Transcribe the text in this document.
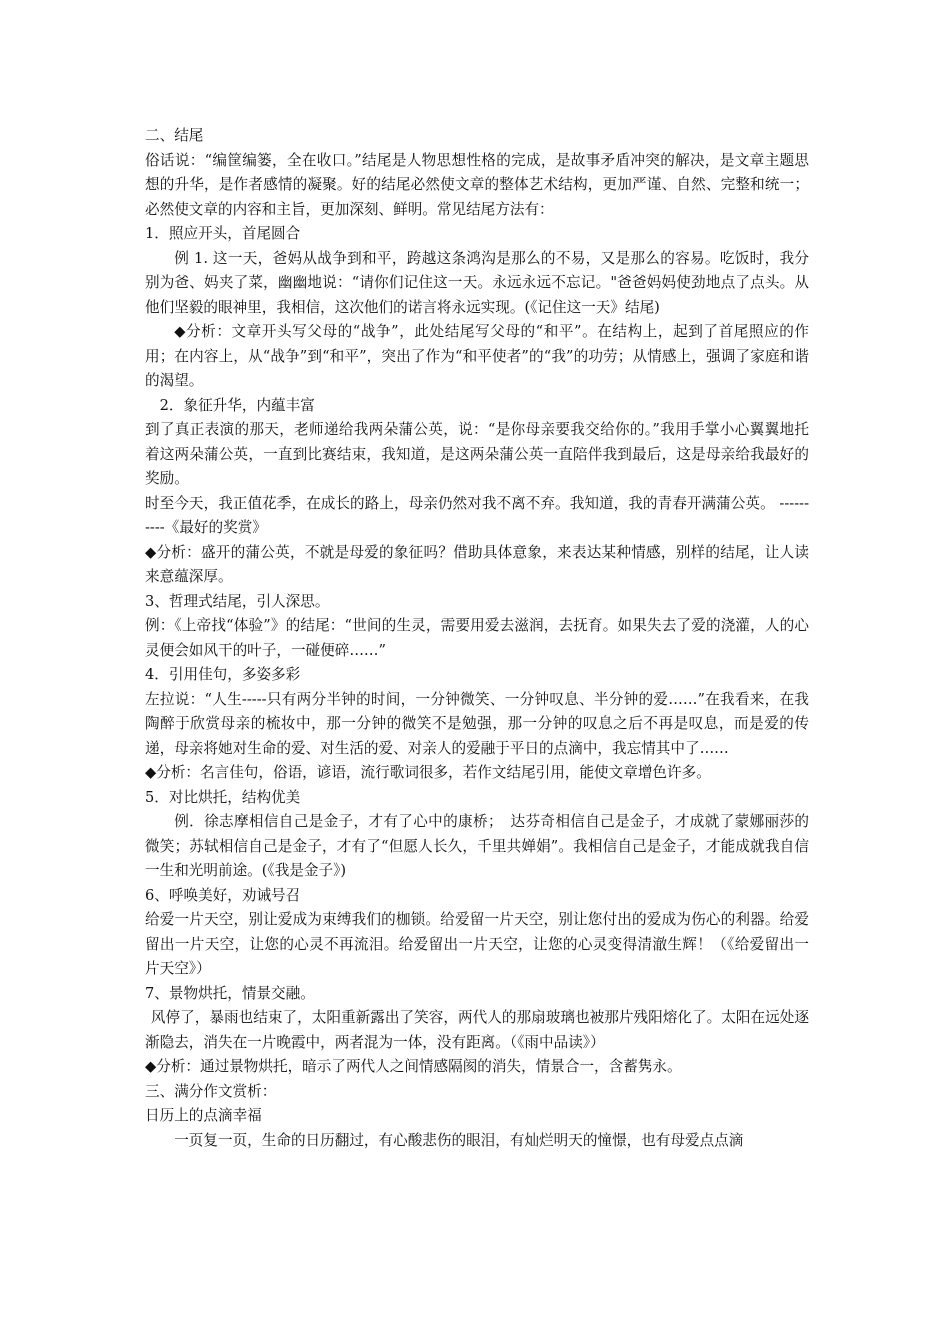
二、结尾

俗话说：“编筐编篓，全在收口。”结尾是人物思想性格的完成，是故事矛盾冲突的解决，是文章主题思想的升华，是作者感情的凝聚。好的结尾必然使文章的整体艺术结构，更加严谨、自然、完整和统一；必然使文章的内容和主旨，更加深刻、鲜明。常见结尾方法有：

1．照应开头，首尾圆合

例 1. 这一天，爸妈从战争到和平，跨越这条鸿沟是那么的不易，又是那么的容易。吃饭时，我分别为爸、妈夹了菜，幽幽地说：“请你们记住这一天。永远永远不忘记。"爸爸妈妈使劲地点了点头。从他们坚毅的眼神里，我相信，这次他们的诺言将永远实现。(《记住这一天》结尾)

◆分析：文章开头写父母的“战争”，此处结尾写父母的“和平”。在结构上，起到了首尾照应的作用；在内容上，从“战争”到“和平”，突出了作为“和平使者”的“我”的功劳；从情感上，强调了家庭和谐的渴望。

2．象征升华，内蕴丰富

到了真正表演的那天，老师递给我两朵蒲公英，说：“是你母亲要我交给你的。”我用手掌小心翼翼地托着这两朵蒲公英，一直到比赛结束，我知道，是这两朵蒲公英一直陪伴我到最后，这是母亲给我最好的奖励。

时至今天，我正值花季，在成长的路上，母亲仍然对我不离不弃。我知道，我的青春开满蒲公英。 ----------《最好的奖赏》

◆分析：盛开的蒲公英，不就是母爱的象征吗？借助具体意象，来表达某种情感，别样的结尾，让人读来意蕴深厚。

3、哲理式结尾，引人深思。

例：《上帝找“体验”》的结尾：“世间的生灵，需要用爱去滋润，去抚育。如果失去了爱的浇灌，人的心灵便会如风干的叶子，一碰便碎……”

4．引用佳句，多姿多彩

左拉说：“人生-----只有两分半钟的时间，一分钟微笑、一分钟叹息、半分钟的爱……”在我看来，在我陶醉于欣赏母亲的梳妆中，那一分钟的微笑不是勉强，那一分钟的叹息之后不再是叹息，而是爱的传递，母亲将她对生命的爱、对生活的爱、对亲人的爱融于平日的点滴中，我忘情其中了……

◆分析：名言佳句，俗语，谚语，流行歌词很多，若作文结尾引用，能使文章增色许多。

5．对比烘托，结构优美

例．徐志摩相信自己是金子，才有了心中的康桥；　达芬奇相信自己是金子，才成就了蒙娜丽莎的微笑；苏轼相信自己是金子，才有了“但愿人长久，千里共婵娟”。我相信自己是金子，才能成就我自信一生和光明前途。(《我是金子》)

6、呼唤美好，劝诫号召

给爱一片天空，别让爱成为束缚我们的枷锁。给爱留一片天空，别让您付出的爱成为伤心的利器。给爱留出一片天空，让您的心灵不再流泪。给爱留出一片天空，让您的心灵变得清澈生辉！（《给爱留出一片天空》）

7、景物烘托，情景交融。

风停了，暴雨也结束了，太阳重新露出了笑容，两代人的那扇玻璃也被那片残阳熔化了。太阳在远处逐渐隐去，消失在一片晚霞中，两者混为一体，没有距离。（《雨中品读》）

◆分析：通过景物烘托，暗示了两代人之间情感隔阂的消失，情景合一，含蓄隽永。

三、满分作文赏析：

日历上的点滴幸福

一页复一页，生命的日历翻过，有心酸悲伤的眼泪，有灿烂明天的憧憬，也有母爱点点滴
